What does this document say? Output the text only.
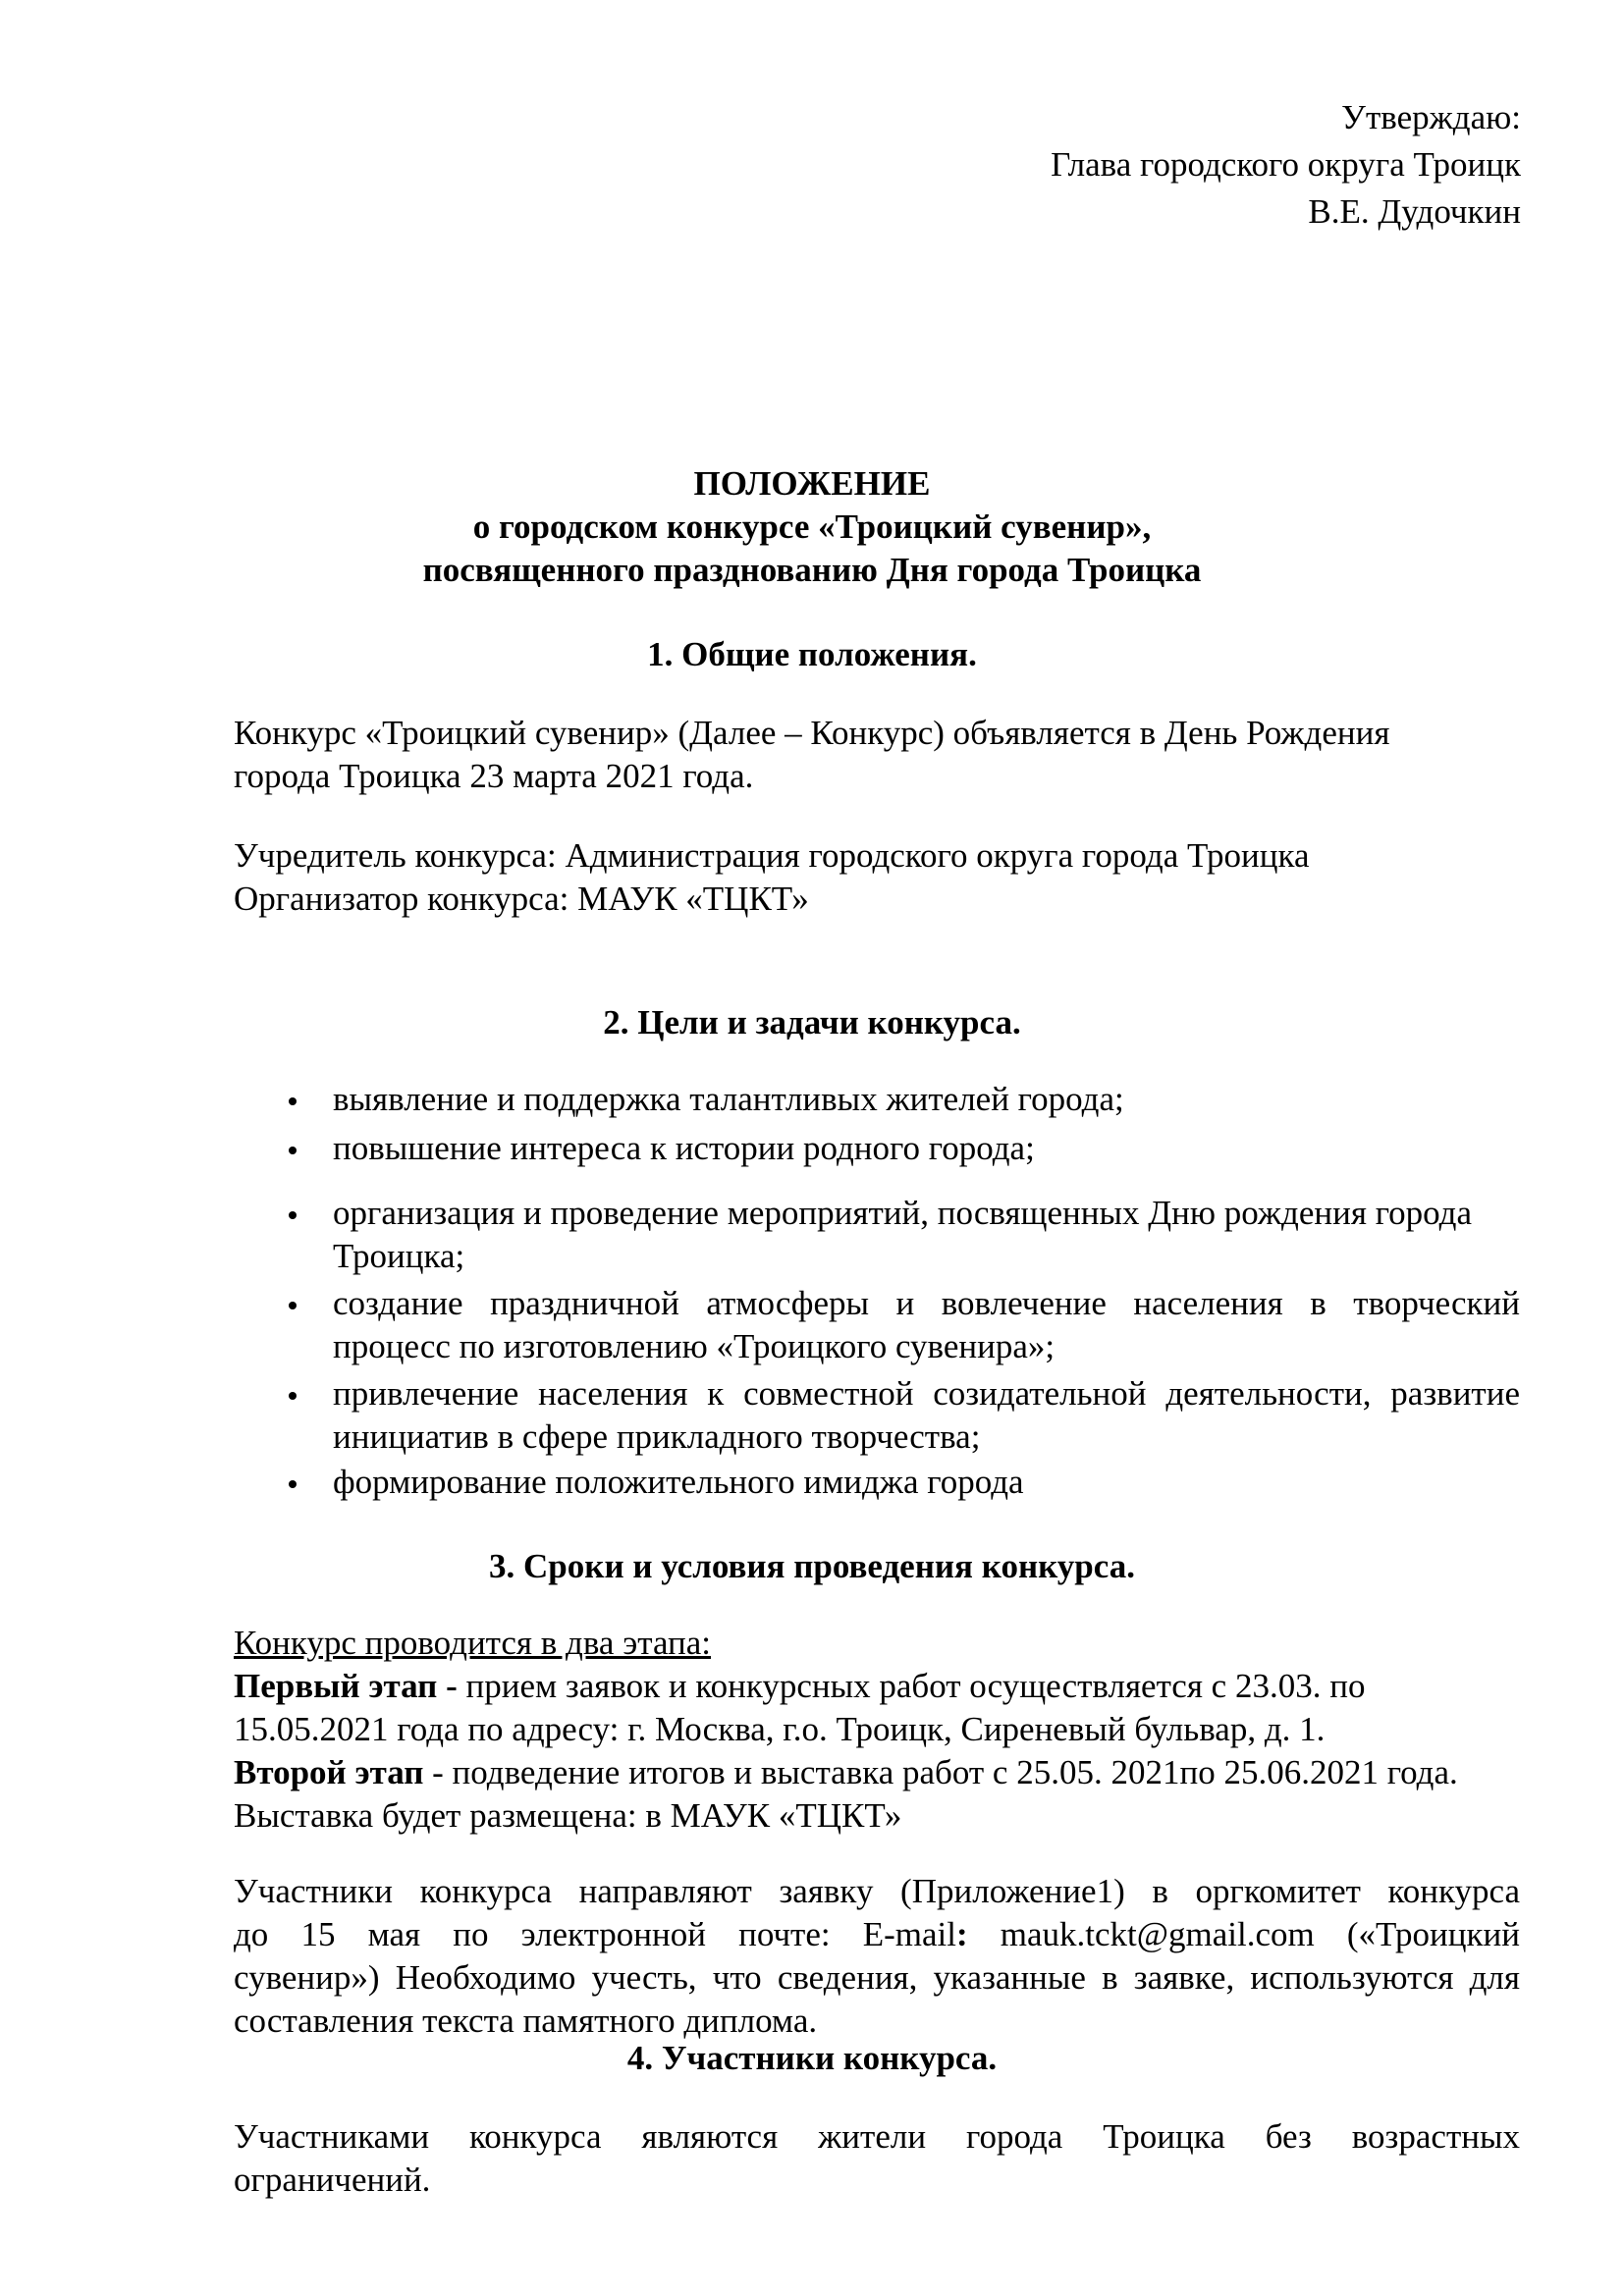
Утверждаю:
Глава городского округа Троицк
В.Е. Дудочкин
ПОЛОЖЕНИЕ
о городском конкурсе «Троицкий сувенир»,
посвященного празднованию Дня города Троицка
1. Общие положения.
Конкурс «Троицкий сувенир» (Далее – Конкурс) объявляется в День Рождения
города Троицка 23 марта 2021 года.
Учредитель конкурса: Администрация городского округа города Троицка
Организатор конкурса: МАУК «ТЦКТ»
2. Цели и задачи конкурса.
выявление и поддержка талантливых жителей города;
повышение интереса к истории родного города;
организация и проведение мероприятий, посвященных Дню рождения города
Троицка;
создание праздничной атмосферы и вовлечение населения в творческий
процесс по изготовлению «Троицкого сувенира»;
привлечение населения к совместной созидательной деятельности, развитие
инициатив в сфере прикладного творчества;
формирование положительного имиджа города
3. Сроки и условия проведения конкурса.
Конкурс проводится в два этапа:
Первый этап - прием заявок и конкурсных работ осуществляется с 23.03. по
15.05.2021 года по адресу: г. Москва, г.о. Троицк, Сиреневый бульвар, д. 1.
Второй этап - подведение итогов и выставка работ с 25.05. 2021по 25.06.2021 года.
Выставка будет размещена: в МАУК «ТЦКТ»
Участники конкурса направляют заявку (Приложение1) в оргкомитет конкурса
до 15 мая по электронной почте: E-mail: mauk.tckt@gmail.com («Троицкий
сувенир») Необходимо учесть, что сведения, указанные в заявке, используются для
составления текста памятного диплома.
4. Участники конкурса.
Участниками конкурса являются жители города Троицка без возрастных
ограничений.
